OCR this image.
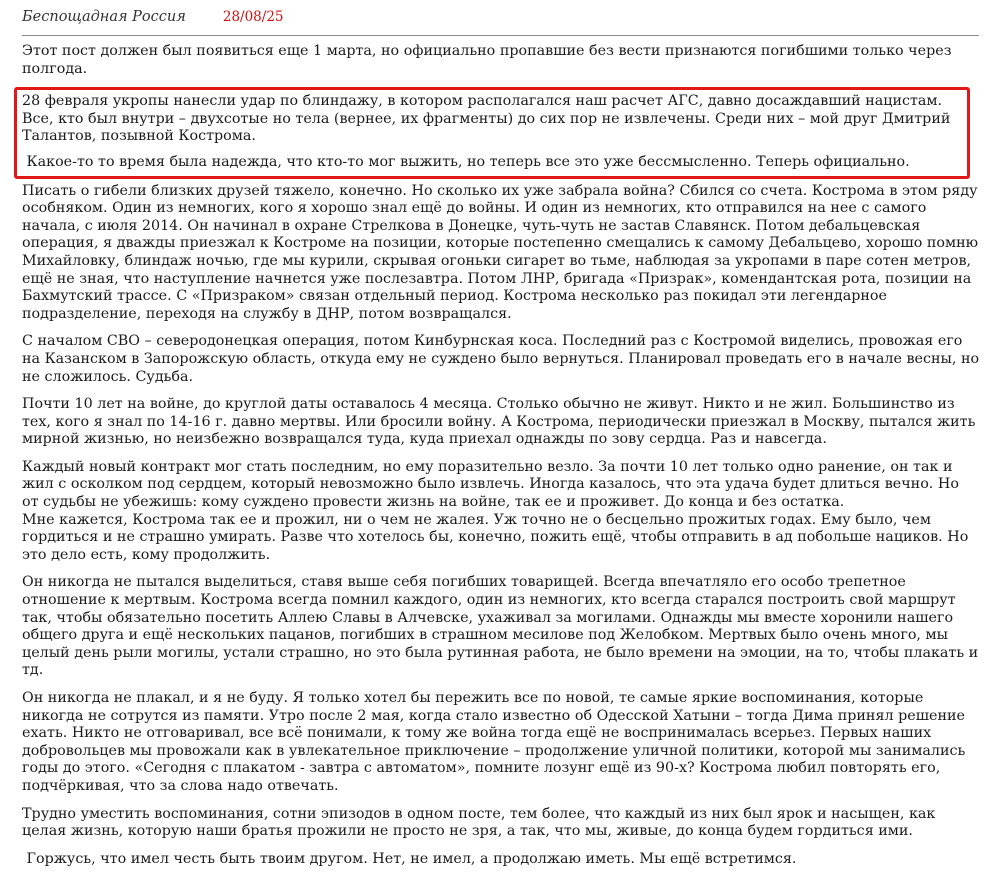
Беспощадная Россия	28/08/25

Этот пост должен был появиться еще 1 марта, но официально пропавшие без вести признаются погибшими только через полгода.

28 февраля укропы нанесли удар по блиндажу, в котором располагался наш расчет АГС, давно досаждавший нацистам. Все, кто был внутри – двухсотые но тела (вернее, их фрагменты) до сих пор не извлечены. Среди них – мой друг Дмитрий Талантов, позывной Кострома.

Какое-то то время была надежда, что кто-то мог выжить, но теперь все это уже бессмысленно. Теперь официально.

Писать о гибели близких друзей тяжело, конечно. Но сколько их уже забрала война? Сбился со счета. Кострома в этом ряду особняком. Один из немногих, кого я хорошо знал ещё до войны. И один из немногих, кто отправился на нее с самого начала, с июля 2014. Он начинал в охране Стрелкова в Донецке, чуть-чуть не застав Славянск. Потом дебальцевская операция, я дважды приезжал к Костроме на позиции, которые постепенно смещались к самому Дебальцево, хорошо помню Михайловку, блиндаж ночью, где мы курили, скрывая огоньки сигарет во тьме, наблюдая за укропами в паре сотен метров, ещё не зная, что наступление начнется уже послезавтра. Потом ЛНР, бригада «Призрак», комендантская рота, позиции на Бахмутский трассе. С «Призраком» связан отдельный период. Кострома несколько раз покидал эти легендарное подразделение, переходя на службу в ДНР, потом возвращался.

С началом СВО – северодонецкая операция, потом Кинбурнская коса. Последний раз с Костромой виделись, провожая его на Казанском в Запорожскую область, откуда ему не суждено было вернуться. Планировал проведать его в начале весны, но не сложилось. Судьба.

Почти 10 лет на войне, до круглой даты оставалось 4 месяца. Столько обычно не живут. Никто и не жил. Большинство из тех, кого я знал по 14-16 г. давно мертвы. Или бросили войну. А Кострома, периодически приезжал в Москву, пытался жить мирной жизнью, но неизбежно возвращался туда, куда приехал однажды по зову сердца. Раз и навсегда.

Каждый новый контракт мог стать последним, но ему поразительно везло. За почти 10 лет только одно ранение, он так и жил с осколком под сердцем, который невозможно было извлечь. Иногда казалось, что эта удача будет длиться вечно. Но от судьбы не убежишь: кому суждено провести жизнь на войне, так ее и проживет. До конца и без остатка.
Мне кажется, Кострома так ее и прожил, ни о чем не жалея. Уж точно не о бесцельно прожитых годах. Ему было, чем гордиться и не страшно умирать. Разве что хотелось бы, конечно, пожить ещё, чтобы отправить в ад побольше нациков. Но это дело есть, кому продолжить.

Он никогда не пытался выделиться, ставя выше себя погибших товарищей. Всегда впечатляло его особо трепетное отношение к мертвым. Кострома всегда помнил каждого, один из немногих, кто всегда старался построить свой маршрут так, чтобы обязательно посетить Аллею Славы в Алчевске, ухаживал за могилами. Однажды мы вместе хоронили нашего общего друга и ещё нескольких пацанов, погибших в страшном месилове под Желобком. Мертвых было очень много, мы целый день рыли могилы, устали страшно, но это была рутинная работа, не было времени на эмоции, на то, чтобы плакать и тд.

Он никогда не плакал, и я не буду. Я только хотел бы пережить все по новой, те самые яркие воспоминания, которые никогда не сотрутся из памяти. Утро после 2 мая, когда стало известно об Одесской Хатыни – тогда Дима принял решение ехать. Никто не отговаривал, все всё понимали, к тому же война тогда ещё не воспринималась всерьез. Первых наших добровольцев мы провожали как в увлекательное приключение – продолжение уличной политики, которой мы занимались годы до этого. «Сегодня с плакатом - завтра с автоматом», помните лозунг ещё из 90-х? Кострома любил повторять его, подчёркивая, что за слова надо отвечать.

Трудно уместить воспоминания, сотни эпизодов в одном посте, тем более, что каждый из них был ярок и насыщен, как целая жизнь, которую наши братья прожили не просто не зря, а так, что мы, живые, до конца будем гордиться ими.

Горжусь, что имел честь быть твоим другом. Нет, не имел, а продолжаю иметь. Мы ещё встретимся.
